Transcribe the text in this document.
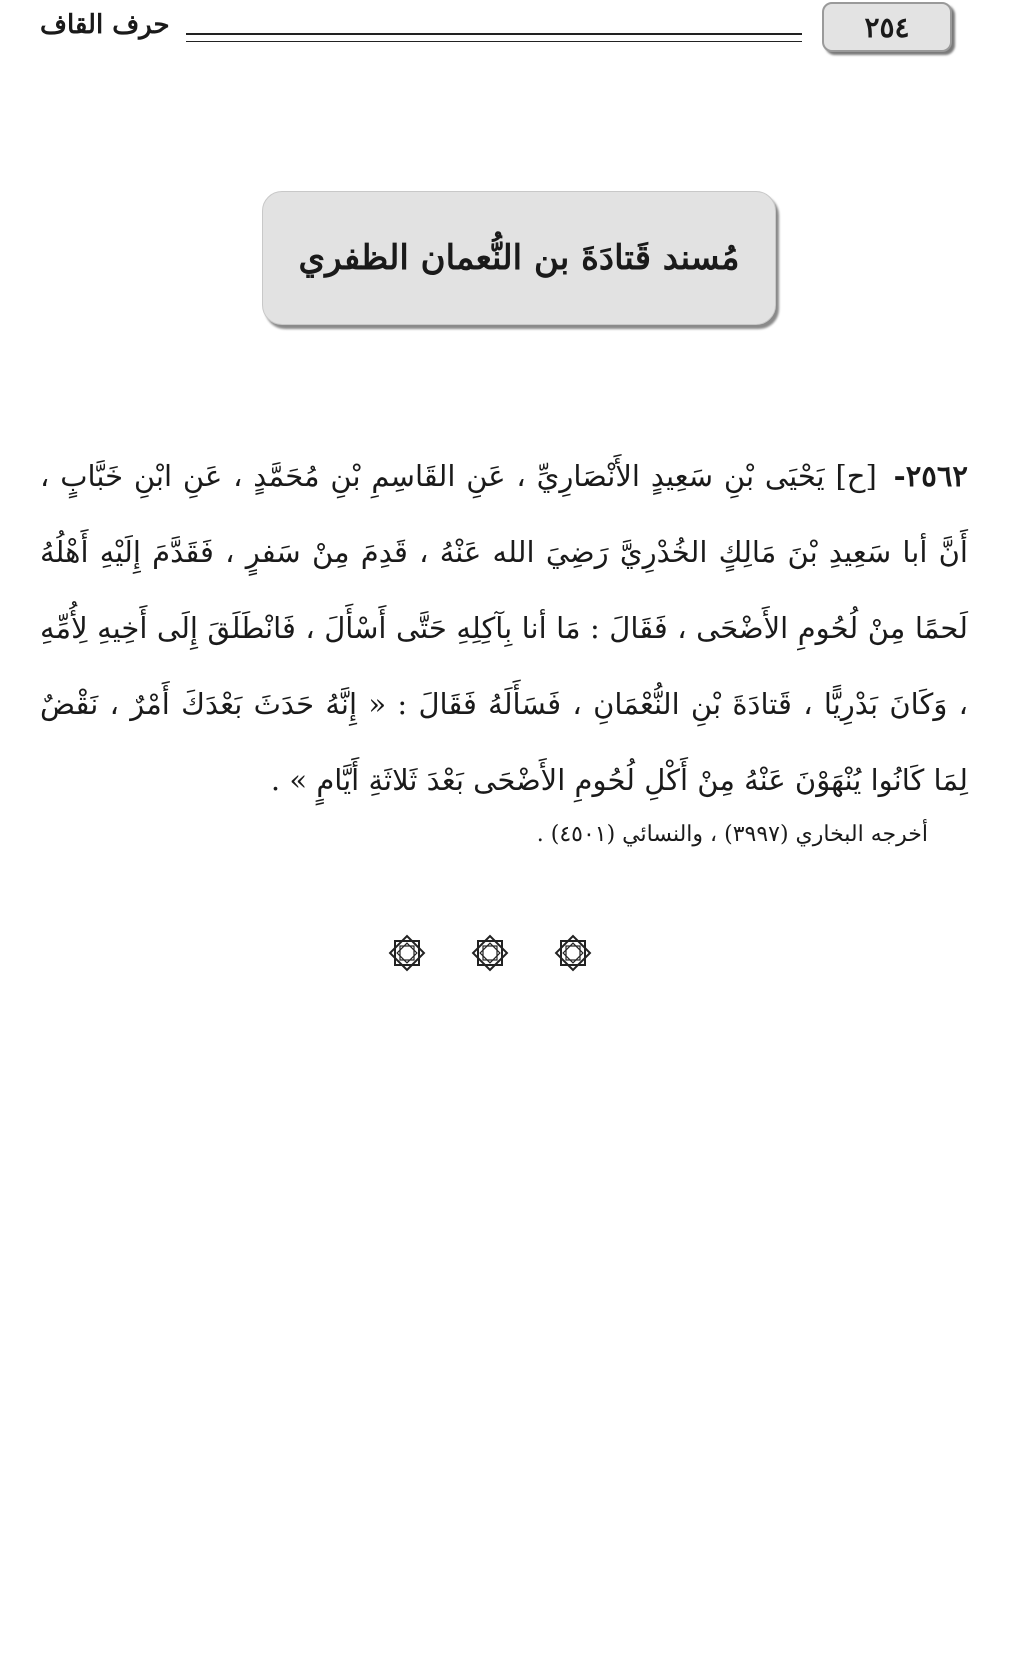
٢٥٤
حرف القاف
مُسند قَتادَةَ بن النُّعمان الظفري
٢٥٦٢- [ح] يَحْيَى بْنِ سَعِيدٍ الأَنْصَارِيِّ ، عَنِ القَاسِمِ بْنِ مُحَمَّدٍ ، عَنِ ابْنِ خَبَّابٍ ، أَنَّ أبا سَعِيدِ بْنَ مَالِكٍ الخُدْرِيَّ رَضِيَ الله عَنْهُ ، قَدِمَ مِنْ سَفرٍ ، فَقَدَّمَ إِلَيْهِ أَهْلُهُ لَحمًا مِنْ لُحُومِ الأَضْحَى ، فَقَالَ : مَا أنا بِآكِلِهِ حَتَّى أَسْأَلَ ، فَانْطَلَقَ إِلَى أَخِيهِ لِأُمِّهِ ، وَكَانَ بَدْرِيًّا ، قَتادَةَ بْنِ النُّعْمَانِ ، فَسَأَلَهُ فَقَالَ : « إِنَّهُ حَدَثَ بَعْدَكَ أَمْرٌ ، نَقْضٌ لِمَا كَانُوا يُنْهَوْنَ عَنْهُ مِنْ أَكْلِ لُحُومِ الأَضْحَى بَعْدَ ثَلاثَةِ أَيَّامٍ » .
أخرجه البخاري (٣٩٩٧) ، والنسائي (٤٥٠١) .
